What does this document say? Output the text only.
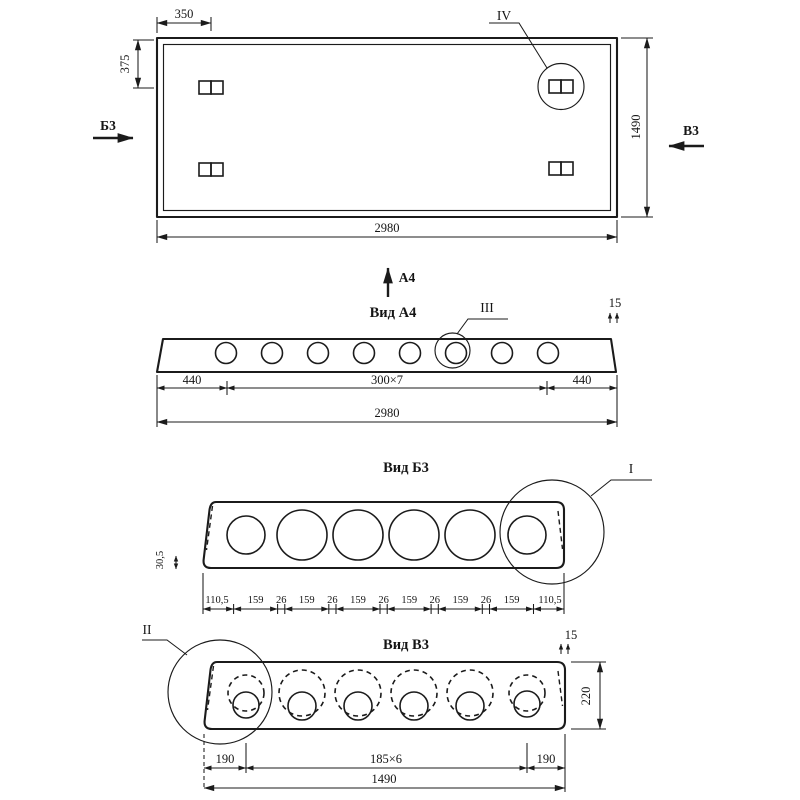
IV
350
375
Б3	В3
1490
2980
А4
Вид А4	III	15
440	300×7	440
2980
Вид Б3	I
30,5
110,5 159 26 159 26 159 26 159 26 159 26 159 110,5
Вид В3
II	15
220
190	185×6	190
1490
